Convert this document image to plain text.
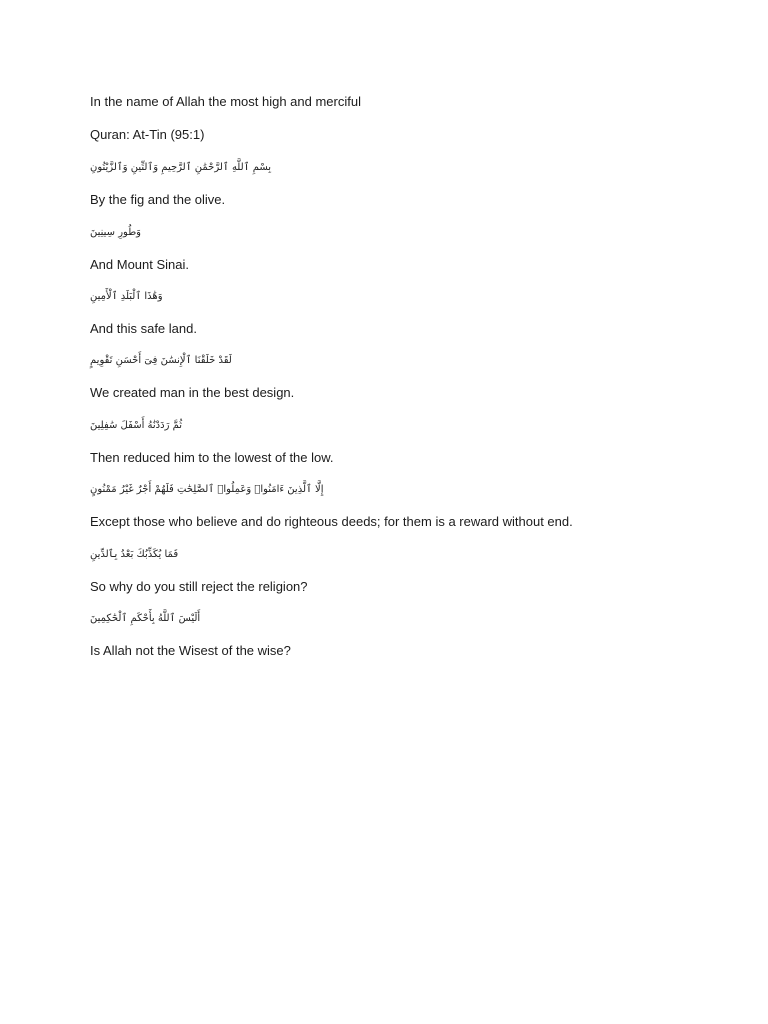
In the name of Allah the most high and merciful
Quran: At-Tin (95:1)
بِسْمِ ٱللَّهِ ٱلرَّحْمَٰنِ ٱلرَّحِيمِ وَٱلتِّينِ وَٱلزَّيْتُونِ
By the fig and the olive.
وَطُورِ سِينِينَ
And Mount Sinai.
وَهَٰذَا ٱلْبَلَدِ ٱلْأَمِينِ
And this safe land.
لَقَدْ خَلَقْنَا ٱلْإِنسَٰنَ فِىٓ أَحْسَنِ تَقْوِيمٍ
We created man in the best design.
ثُمَّ رَدَدْنَٰهُ أَسْفَلَ سَٰفِلِينَ
Then reduced him to the lowest of the low.
إِلَّا ٱلَّذِينَ ءَامَنُوا۟ وَعَمِلُوا۟ ٱلصَّٰلِحَٰتِ فَلَهُمْ أَجْرٌ غَيْرُ مَمْنُونٍ
Except those who believe and do righteous deeds; for them is a reward without end.
فَمَا يُكَذِّبُكَ بَعْدُ بِٱلدِّينِ
So why do you still reject the religion?
أَلَيْسَ ٱللَّهُ بِأَحْكَمِ ٱلْحَٰكِمِينَ
Is Allah not the Wisest of the wise?
